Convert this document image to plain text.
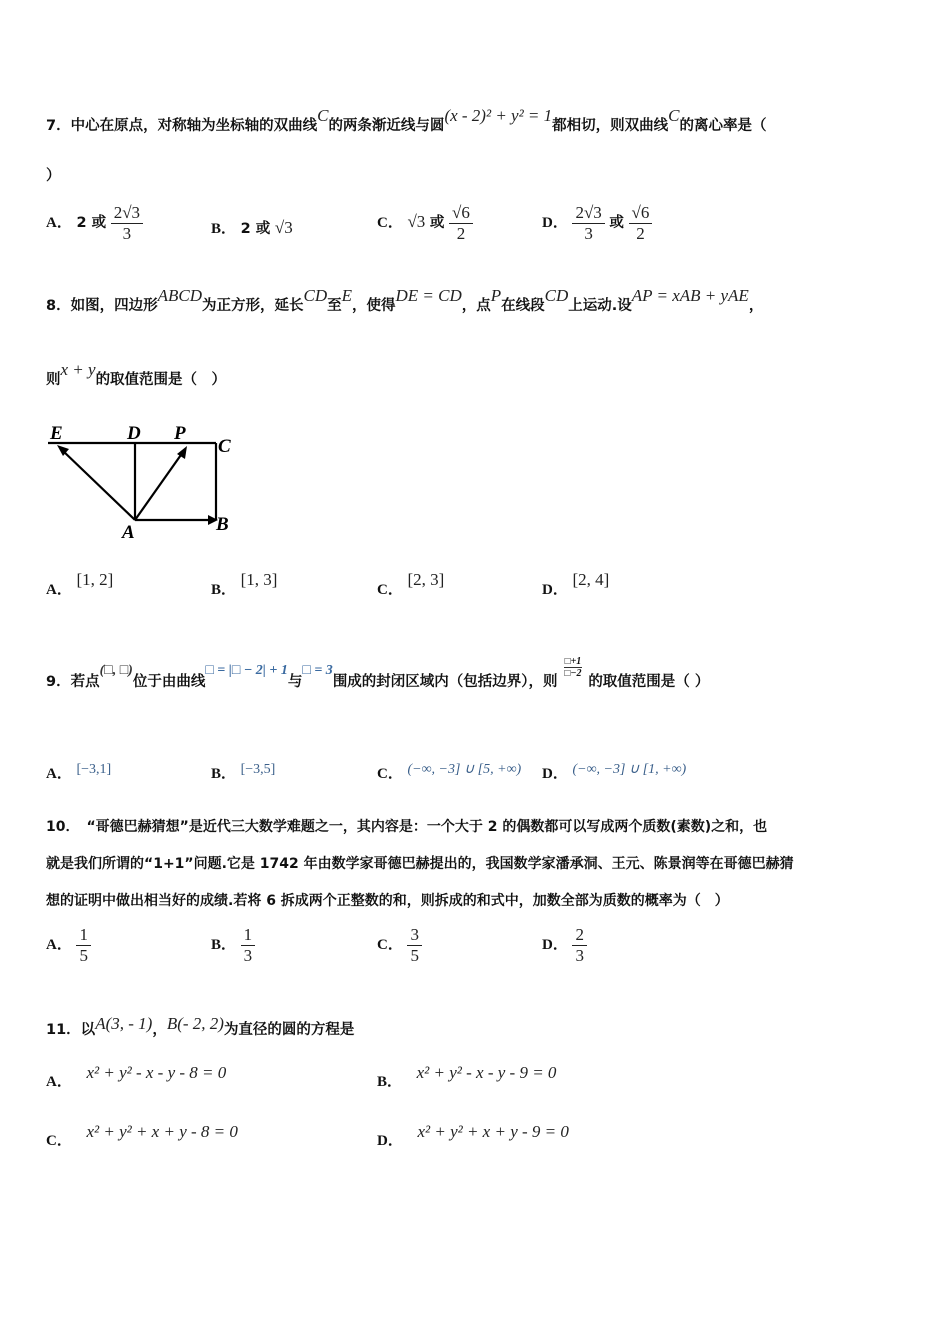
7．中心在原点，对称轴为坐标轴的双曲线C的两条渐近线与圆(x - 2)² + y² = 1都相切，则双曲线C的离心率是（
）
A． 2 或 $\frac{2√3}{3}$	B． 2 或 √3	C． √3 或 $\frac{√6}{2}$	D． $\frac{2√3}{3}$ 或 $\frac{√6}{2}$
8．如图，四边形ABCD为正方形，延长CD至E，使得DE = CD，点P在线段CD上运动.设AP = xAB + yAE，
则x + y的取值范围是（　）
E	D P
C
A	B
A． [1, 2]
B． [1, 3]
C． [2, 3]
D． [2, 4]
9．若点(□, □)位于由曲线□ = |□ − 2| + 1与□ = 3围成的封闭区域内（包括边界），则
$\frac{□+1}{□-2}$
的取值范围是（ ）
A． [−3,1]	B． [−3,5]	C． (−∞, −3] ∪ [5, +∞) D． (−∞, −3] ∪ [1, +∞)
10．　“哥德巴赫猜想”是近代三大数学难题之一，其内容是：一个大于 2 的偶数都可以写成两个质数(素数)之和，也
就是我们所谓的“1+1”问题.它是 1742 年由数学家哥德巴赫提出的，我国数学家潘承洞、王元、陈景润等在哥德巴赫猜
想的证明中做出相当好的成绩.若将 6 拆成两个正整数的和，则拆成的和式中，加数全部为质数的概率为（　）
A． $\frac{1}{5}$	B． $\frac{1}{3}$	C． $\frac{3}{5}$	D． $\frac{2}{3}$
11．以A(3, - 1)，B(- 2, 2)为直径的圆的方程是
A． x² + y² - x - y - 8 = 0	B． x² + y² - x - y - 9 = 0
C． x² + y² + x + y - 8 = 0	D． x² + y² + x + y - 9 = 0
